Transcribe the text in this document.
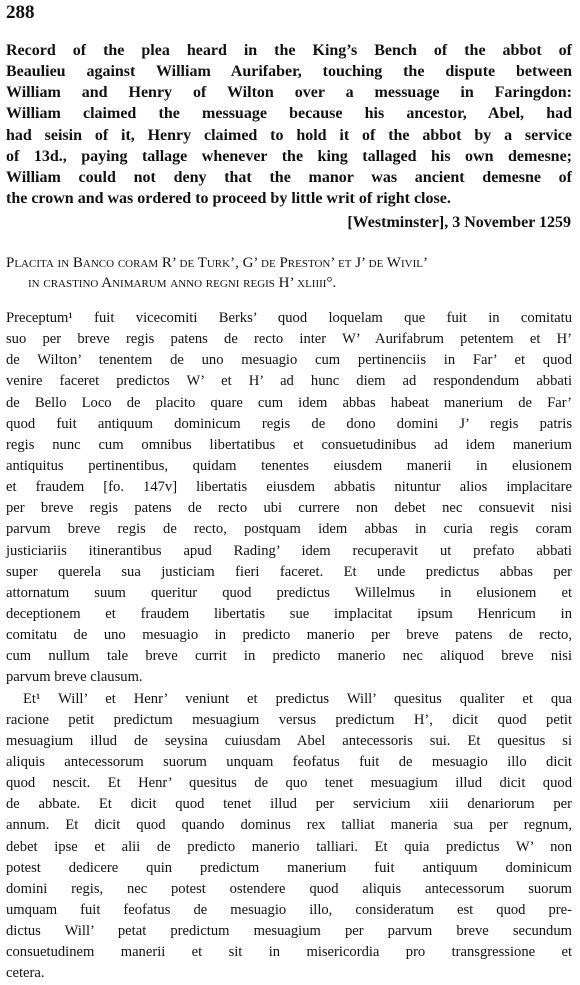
288
Record of the plea heard in the King’s Bench of the abbot of
Beaulieu against William Aurifaber, touching the dispute between
William and Henry of Wilton over a messuage in Faringdon:
William claimed the messuage because his ancestor, Abel, had
had seisin of it, Henry claimed to hold it of the abbot by a service
of 13d., paying tallage whenever the king tallaged his own demesne;
William could not deny that the manor was ancient demesne of
the crown and was ordered to proceed by little writ of right close.
[Westminster], 3 November 1259
Placita in Banco coram R’ de Turk’, G’ de Preston’ et J’ de Wivil’
in crastino Animarum anno regni regis H’ xliiii°.
Preceptum¹ fuit vicecomiti Berks’ quod loquelam que fuit in comitatu
suo per breve regis patens de recto inter W’ Aurifabrum petentem et H’
de Wilton’ tenentem de uno mesuagio cum pertinenciis in Far’ et quod
venire faceret predictos W’ et H’ ad hunc diem ad respondendum abbati
de Bello Loco de placito quare cum idem abbas habeat manerium de Far’
quod fuit antiquum dominicum regis de dono domini J’ regis patris
regis nunc cum omnibus libertatibus et consuetudinibus ad idem manerium
antiquitus pertinentibus, quidam tenentes eiusdem manerii in elusionem
et fraudem [fo. 147v] libertatis eiusdem abbatis nituntur alios implacitare
per breve regis patens de recto ubi currere non debet nec consuevit nisi
parvum breve regis de recto, postquam idem abbas in curia regis coram
justiciariis itinerantibus apud Rading’ idem recuperavit ut prefato abbati
super querela sua justiciam fieri faceret. Et unde predictus abbas per
attornatum suum queritur quod predictus Willelmus in elusionem et
deceptionem et fraudem libertatis sue implacitat ipsum Henricum in
comitatu de uno mesuagio in predicto manerio per breve patens de recto,
cum nullum tale breve currit in predicto manerio nec aliquod breve nisi
parvum breve clausum.
Et¹ Will’ et Henr’ veniunt et predictus Will’ quesitus qualiter et qua
racione petit predictum mesuagium versus predictum H’, dicit quod petit
mesuagium illud de seysina cuiusdam Abel antecessoris sui. Et quesitus si
aliquis antecessorum suorum unquam feofatus fuit de mesuagio illo dicit
quod nescit. Et Henr’ quesitus de quo tenet mesuagium illud dicit quod
de abbate. Et dicit quod tenet illud per servicium xiii denariorum per
annum. Et dicit quod quando dominus rex talliat maneria sua per regnum,
debet ipse et alii de predicto manerio talliari. Et quia predictus W’ non
potest dedicere quin predictum manerium fuit antiquum dominicum
domini regis, nec potest ostendere quod aliquis antecessorum suorum
umquam fuit feofatus de mesuagio illo, consideratum est quod pre-
dictus Will’ petat predictum mesuagium per parvum breve secundum
consuetudinem manerii et sit in misericordia pro transgressione et
cetera.
